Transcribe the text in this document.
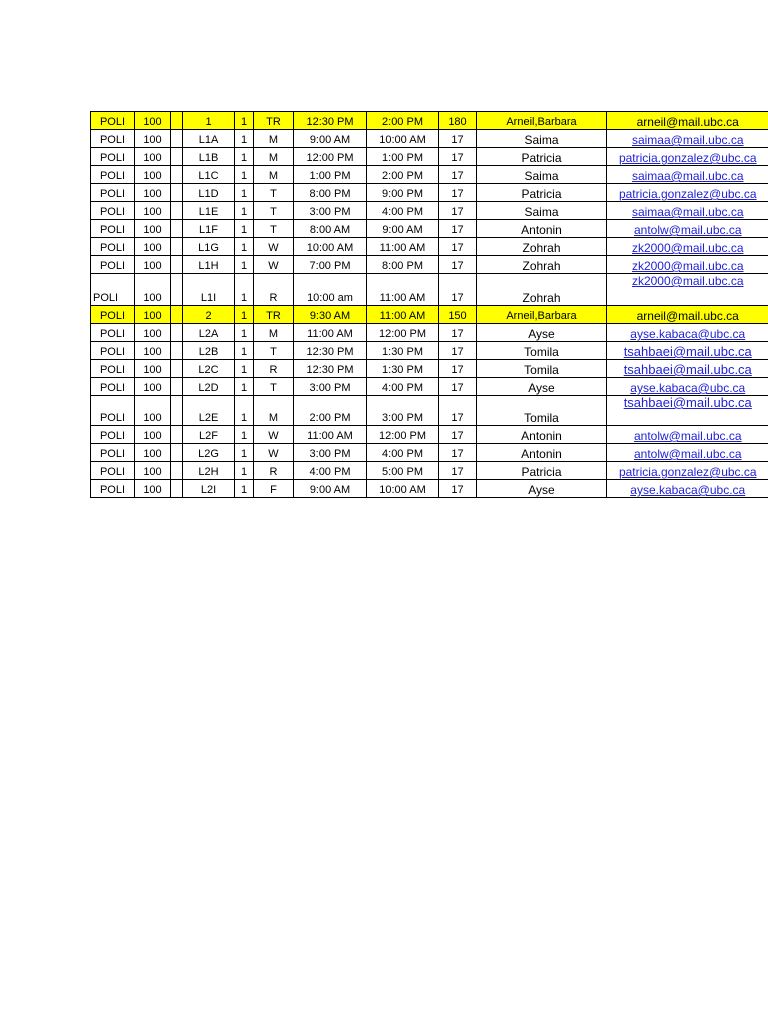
POLI	100		1	1	TR	12:30 PM	2:00 PM	180	Arneil,Barbara	arneil@mail.ubc.ca
POLI	100		L1A	1	M	9:00 AM	10:00 AM	17	Saima	saimaa@mail.ubc.ca
POLI	100		L1B	1	M	12:00 PM	1:00 PM	17	Patricia	patricia.gonzalez@ubc.ca
POLI	100		L1C	1	M	1:00 PM	2:00 PM	17	Saima	saimaa@mail.ubc.ca
POLI	100		L1D	1	T	8:00 PM	9:00 PM	17	Patricia	patricia.gonzalez@ubc.ca
POLI	100		L1E	1	T	3:00 PM	4:00 PM	17	Saima	saimaa@mail.ubc.ca
POLI	100		L1F	1	T	8:00 AM	9:00 AM	17	Antonin	antolw@mail.ubc.ca
POLI	100		L1G	1	W	10:00 AM	11:00 AM	17	Zohrah	zk2000@mail.ubc.ca
POLI	100		L1H	1	W	7:00 PM	8:00 PM	17	Zohrah	zk2000@mail.ubc.ca
POLI	100		L1I	1	R	10:00 am	11:00 AM	17	Zohrah	zk2000@mail.ubc.ca
POLI	100		2	1	TR	9:30 AM	11:00 AM	150	Arneil,Barbara	arneil@mail.ubc.ca
POLI	100		L2A	1	M	11:00 AM	12:00 PM	17	Ayse	ayse.kabaca@ubc.ca
POLI	100		L2B	1	T	12:30 PM	1:30 PM	17	Tomila	tsahbaei@mail.ubc.ca
POLI	100		L2C	1	R	12:30 PM	1:30 PM	17	Tomila	tsahbaei@mail.ubc.ca
POLI	100		L2D	1	T	3:00 PM	4:00 PM	17	Ayse	ayse.kabaca@ubc.ca
POLI	100		L2E	1	M	2:00 PM	3:00 PM	17	Tomila	tsahbaei@mail.ubc.ca
POLI	100		L2F	1	W	11:00 AM	12:00 PM	17	Antonin	antolw@mail.ubc.ca
POLI	100		L2G	1	W	3:00 PM	4:00 PM	17	Antonin	antolw@mail.ubc.ca
POLI	100		L2H	1	R	4:00 PM	5:00 PM	17	Patricia	patricia.gonzalez@ubc.ca
POLI	100		L2I	1	F	9:00 AM	10:00 AM	17	Ayse	ayse.kabaca@ubc.ca
